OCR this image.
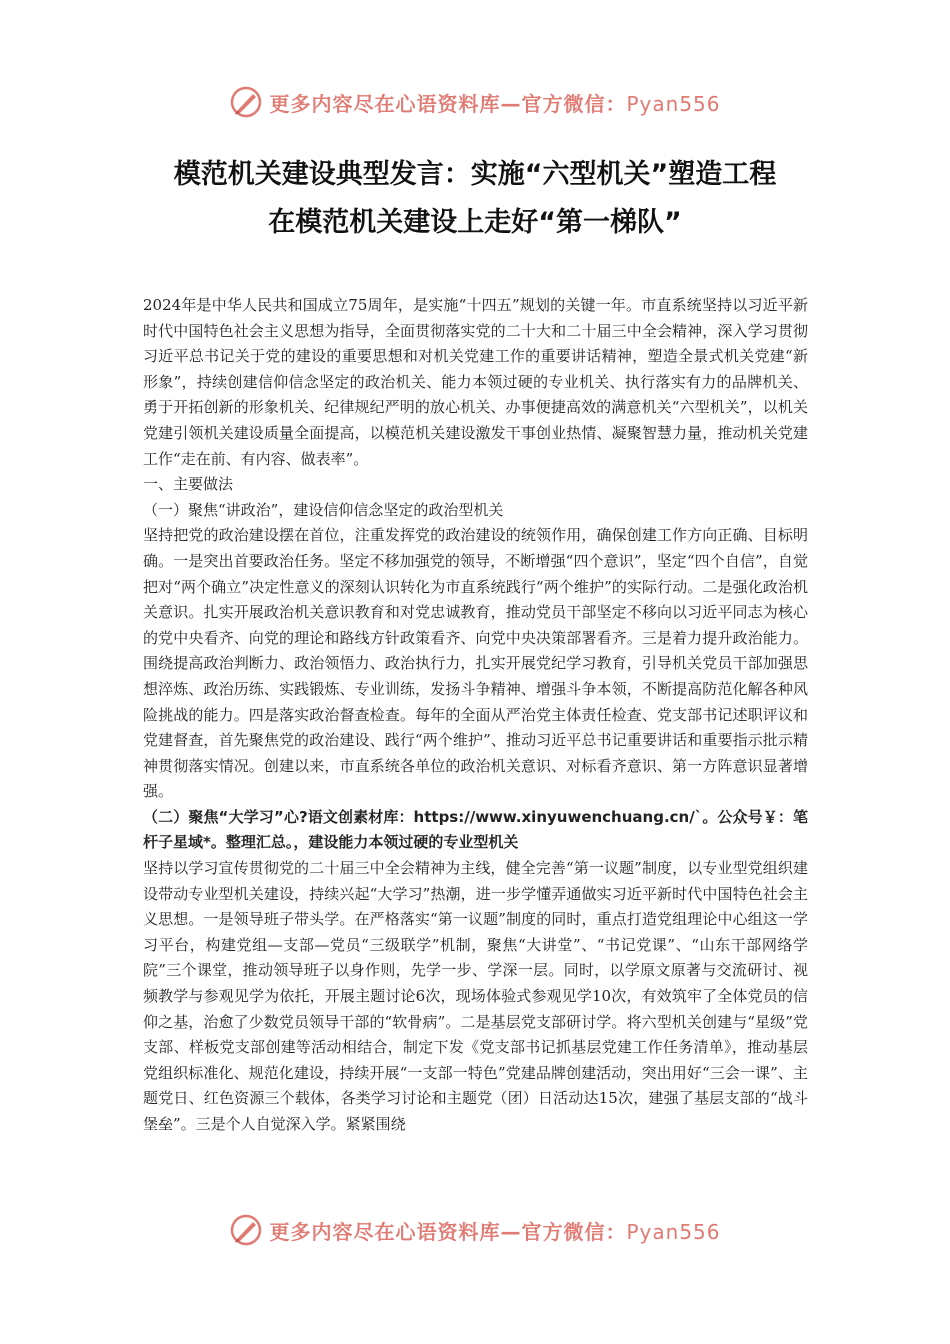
更多内容尽在心语资料库—官方微信：Pyan556
模范机关建设典型发言：实施“六型机关”塑造工程
在模范机关建设上走好“第一梯队”

2024年是中华人民共和国成立75周年，是实施“十四五”规划的关键一年。市直系统坚持以习近平新时代中国特色社会主义思想为指导，全面贯彻落实党的二十大和二十届三中全会精神，深入学习贯彻习近平总书记关于党的建设的重要思想和对机关党建工作的重要讲话精神，塑造全景式机关党建“新形象”，持续创建信仰信念坚定的政治机关、能力本领过硬的专业机关、执行落实有力的品牌机关、勇于开拓创新的形象机关、纪律规纪严明的放心机关、办事便捷高效的满意机关“六型机关”，以机关党建引领机关建设质量全面提高，以模范机关建设激发干事创业热情、凝聚智慧力量，推动机关党建工作“走在前、有内容、做表率”。

一、主要做法

（一）聚焦“讲政治”，建设信仰信念坚定的政治型机关

坚持把党的政治建设摆在首位，注重发挥党的政治建设的统领作用，确保创建工作方向正确、目标明确。一是突出首要政治任务。坚定不移加强党的领导，不断增强“四个意识”，坚定“四个自信”，自觉把对“两个确立”决定性意义的深刻认识转化为市直系统践行“两个维护”的实际行动。二是强化政治机关意识。扎实开展政治机关意识教育和对党忠诚教育，推动党员干部坚定不移向以习近平同志为核心的党中央看齐、向党的理论和路线方针政策看齐、向党中央决策部署看齐。三是着力提升政治能力。围绕提高政治判断力、政治领悟力、政治执行力，扎实开展党纪学习教育，引导机关党员干部加强思想淬炼、政治历练、实践锻炼、专业训练，发扬斗争精神、增强斗争本领，不断提高防范化解各种风险挑战的能力。四是落实政治督查检查。每年的全面从严治党主体责任检查、党支部书记述职评议和党建督查，首先聚焦党的政治建设、践行“两个维护”、推动习近平总书记重要讲话和重要指示批示精神贯彻落实情况。创建以来，市直系统各单位的政治机关意识、对标看齐意识、第一方阵意识显著增强。

（二）聚焦“大学习”心?语文创素材库：https://www.xinyuwenchuang.cn/`。公众号￥：笔杆子星域*。整理汇总。，建设能力本领过硬的专业型机关

坚持以学习宣传贯彻党的二十届三中全会精神为主线，健全完善“第一议题”制度，以专业型党组织建设带动专业型机关建设，持续兴起“大学习”热潮，进一步学懂弄通做实习近平新时代中国特色社会主义思想。一是领导班子带头学。在严格落实“第一议题”制度的同时，重点打造党组理论中心组这一学习平台，构建党组—支部—党员“三级联学”机制，聚焦“大讲堂”、“书记党课”、“山东干部网络学院”三个课堂，推动领导班子以身作则，先学一步、学深一层。同时，以学原文原著与交流研讨、视频教学与参观见学为依托，开展主题讨论6次，现场体验式参观见学10次，有效筑牢了全体党员的信仰之基，治愈了少数党员领导干部的“软骨病”。二是基层党支部研讨学。将六型机关创建与“星级”党支部、样板党支部创建等活动相结合，制定下发《党支部书记抓基层党建工作任务清单》，推动基层党组织标准化、规范化建设，持续开展“一支部一特色”党建品牌创建活动，突出用好“三会一课”、主题党日、红色资源三个载体，各类学习讨论和主题党（团）日活动达15次，建强了基层支部的“战斗堡垒”。三是个人自觉深入学。紧紧围绕

更多内容尽在心语资料库—官方微信：Pyan556
